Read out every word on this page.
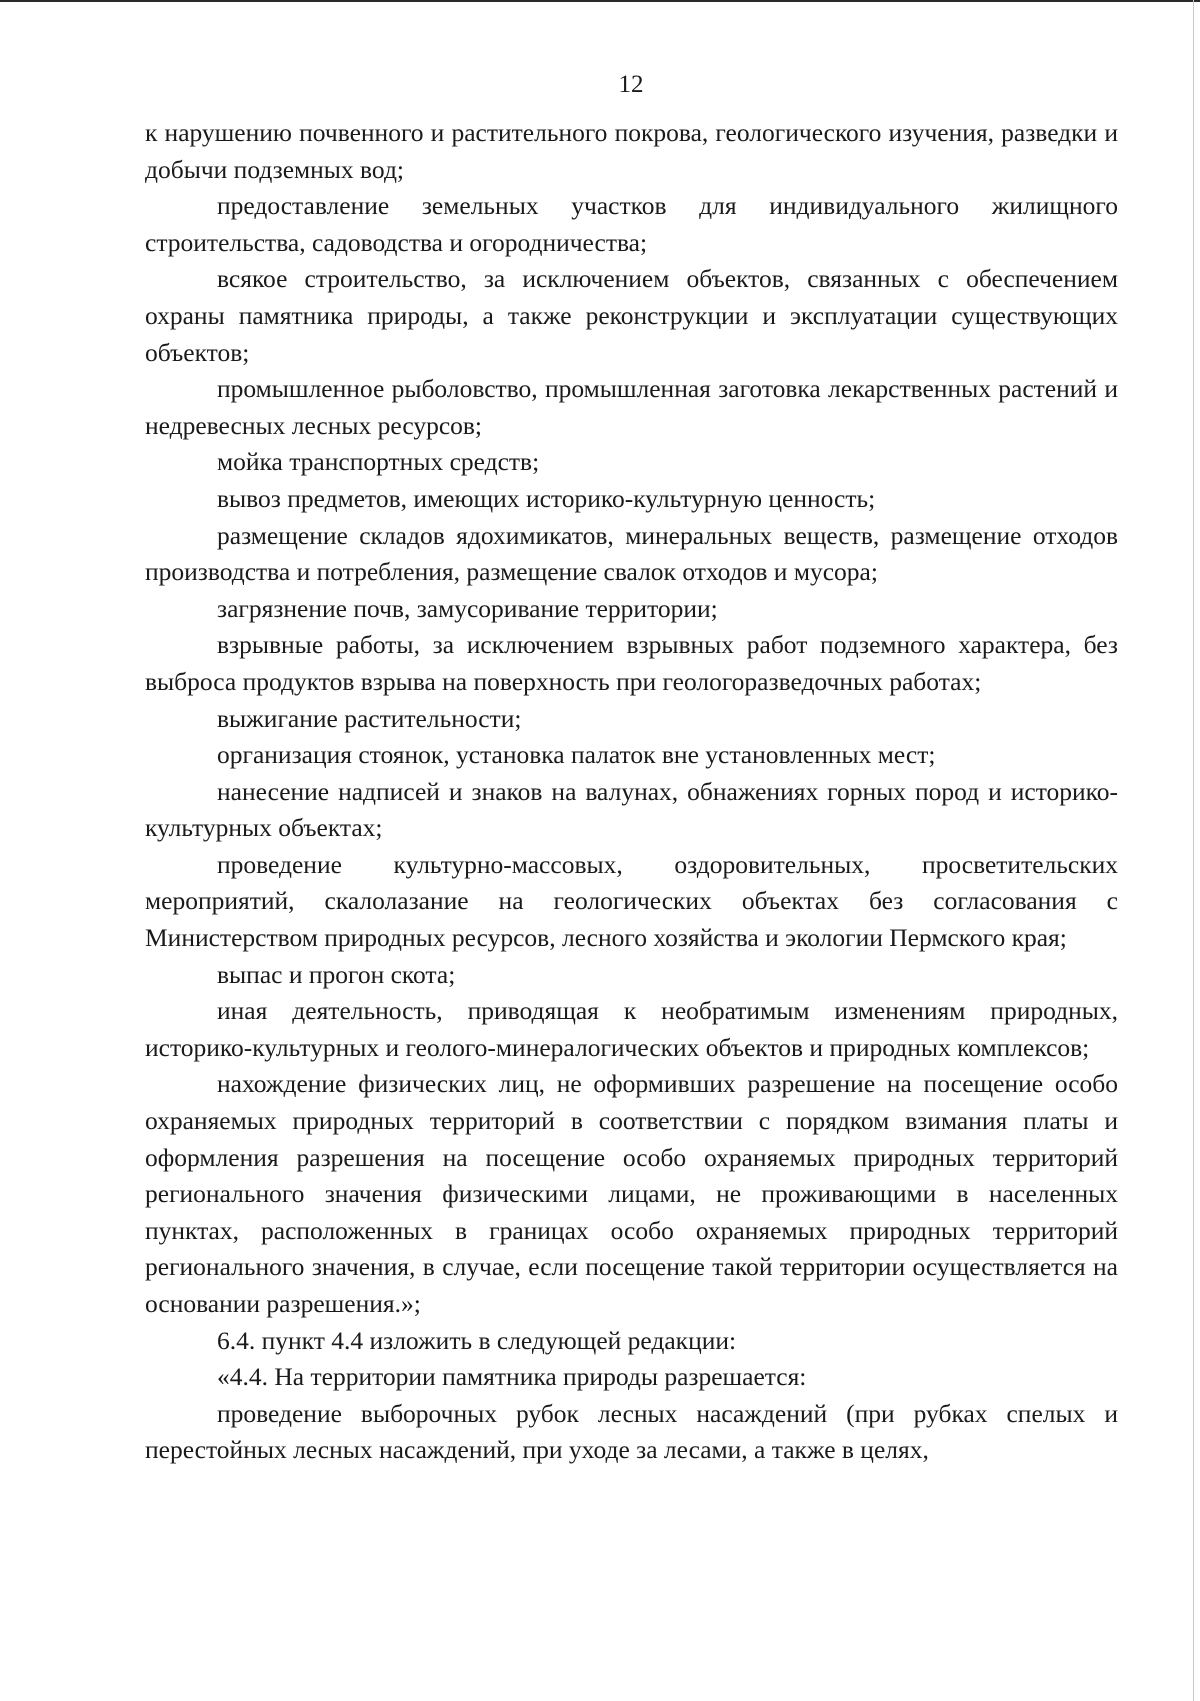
12

к нарушению почвенного и растительного покрова, геологического изучения, разведки и добычи подземных вод;

предоставление земельных участков для индивидуального жилищного строительства, садоводства и огородничества;

всякое строительство, за исключением объектов, связанных с обеспечением охраны памятника природы, а также реконструкции и эксплуатации существующих объектов;

промышленное рыболовство, промышленная заготовка лекарственных растений и недревесных лесных ресурсов;

мойка транспортных средств;

вывоз предметов, имеющих историко-культурную ценность;

размещение складов ядохимикатов, минеральных веществ, размещение отходов производства и потребления, размещение свалок отходов и мусора;

загрязнение почв, замусоривание территории;

взрывные работы, за исключением взрывных работ подземного характера, без выброса продуктов взрыва на поверхность при геологоразведочных работах;

выжигание растительности;

организация стоянок, установка палаток вне установленных мест;

нанесение надписей и знаков на валунах, обнажениях горных пород и историко-культурных объектах;

проведение культурно-массовых, оздоровительных, просветительских мероприятий, скалолазание на геологических объектах без согласования с Министерством природных ресурсов, лесного хозяйства и экологии Пермского края;

выпас и прогон скота;

иная деятельность, приводящая к необратимым изменениям природных, историко-культурных и геолого-минералогических объектов и природных комплексов;

нахождение физических лиц, не оформивших разрешение на посещение особо охраняемых природных территорий в соответствии с порядком взимания платы и оформления разрешения на посещение особо охраняемых природных территорий регионального значения физическими лицами, не проживающими в населенных пунктах, расположенных в границах особо охраняемых природных территорий регионального значения, в случае, если посещение такой территории осуществляется на основании разрешения.»;

6.4. пункт 4.4 изложить в следующей редакции:

«4.4. На территории памятника природы разрешается:

проведение выборочных рубок лесных насаждений (при рубках спелых и перестойных лесных насаждений, при уходе за лесами, а также в целях,
